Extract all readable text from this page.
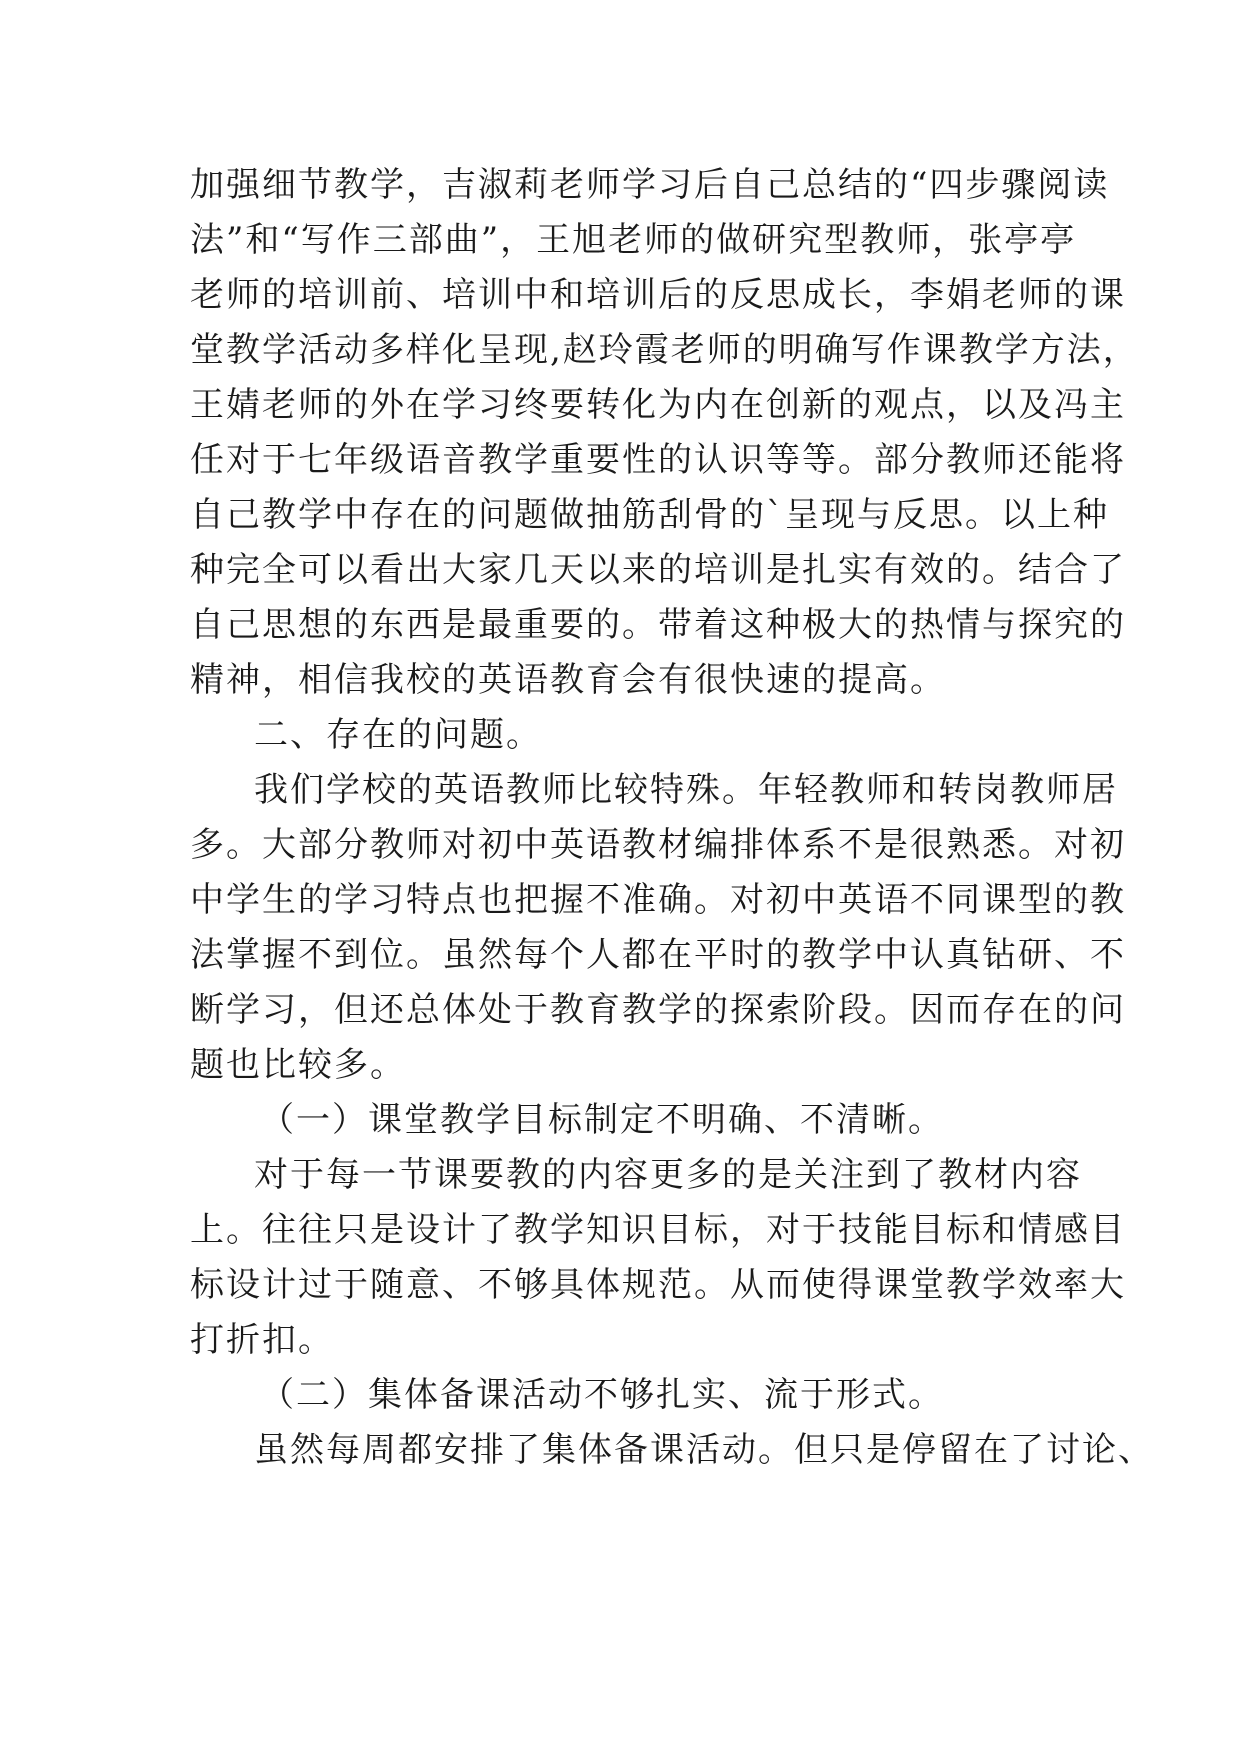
加强细节教学，吉淑莉老师学习后自己总结的“四步骤阅读
法”和“写作三部曲”，王旭老师的做研究型教师，张亭亭
老师的培训前、培训中和培训后的反思成长，李娟老师的课
堂教学活动多样化呈现,赵玲霞老师的明确写作课教学方法，
王婧老师的外在学习终要转化为内在创新的观点，以及冯主
任对于七年级语音教学重要性的认识等等。部分教师还能将
自己教学中存在的问题做抽筋刮骨的`呈现与反思。以上种
种完全可以看出大家几天以来的培训是扎实有效的。结合了
自己思想的东西是最重要的。带着这种极大的热情与探究的
精神，相信我校的英语教育会有很快速的提高。
二、存在的问题。
我们学校的英语教师比较特殊。年轻教师和转岗教师居
多。大部分教师对初中英语教材编排体系不是很熟悉。对初
中学生的学习特点也把握不准确。对初中英语不同课型的教
法掌握不到位。虽然每个人都在平时的教学中认真钻研、不
断学习，但还总体处于教育教学的探索阶段。因而存在的问
题也比较多。
（一）课堂教学目标制定不明确、不清晰。
对于每一节课要教的内容更多的是关注到了教材内容
上。往往只是设计了教学知识目标，对于技能目标和情感目
标设计过于随意、不够具体规范。从而使得课堂教学效率大
打折扣。
（二）集体备课活动不够扎实、流于形式。
虽然每周都安排了集体备课活动。但只是停留在了讨论、
